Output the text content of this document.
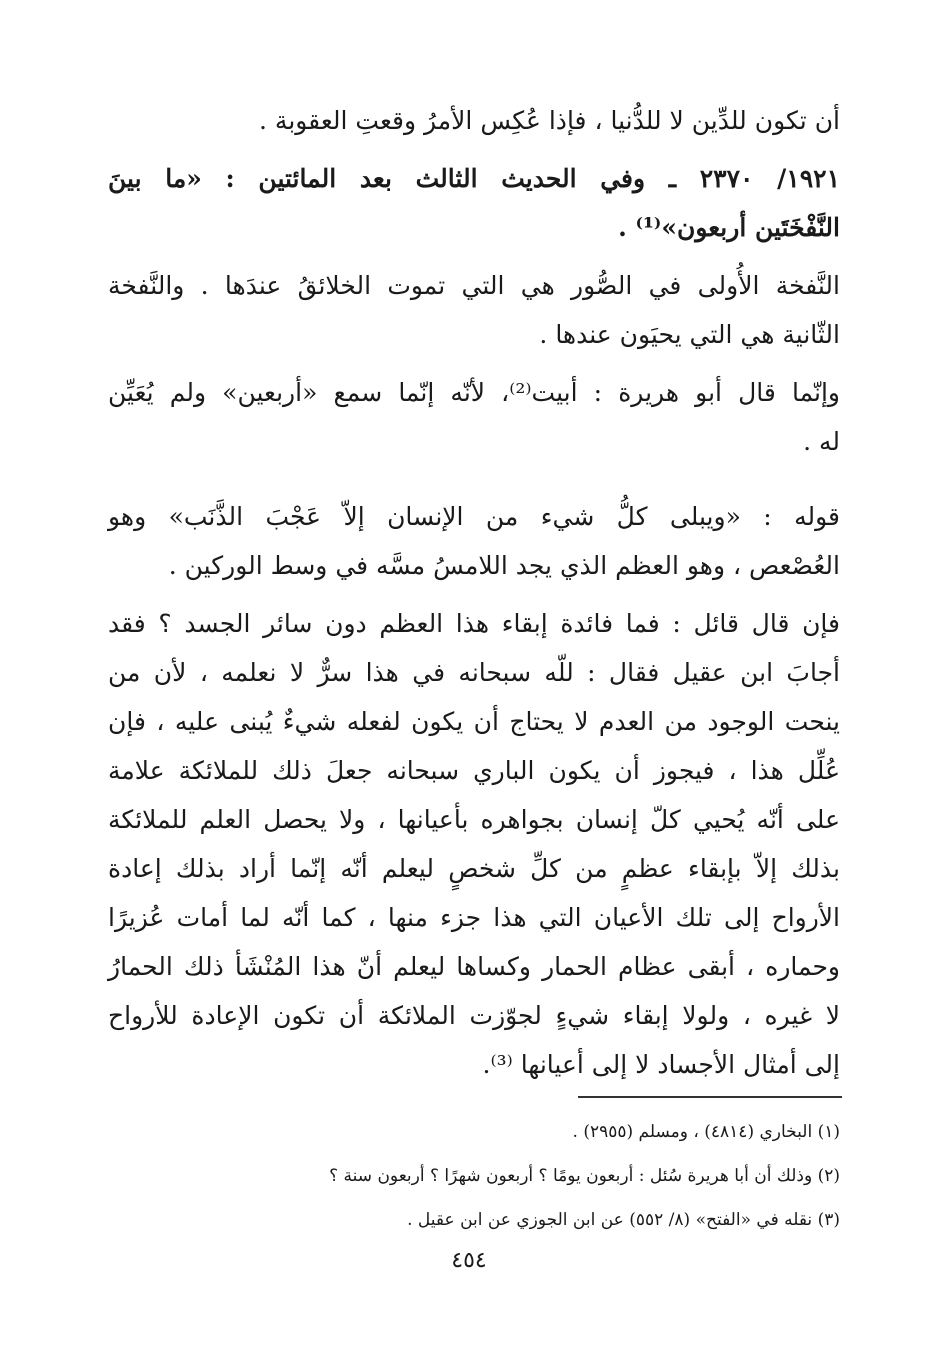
أن تكون للدِّين لا للدُّنيا ، فإذا عُكِس الأمرُ وقعتِ العقوبة .
١٩٢١/ ٢٣٧٠ ـ وفي الحديث الثالث بعد المائتين : «ما بينَ
النَّفْخَتَين أربعون»⁽¹⁾ .
النَّفخة الأُولى في الصُّور هي التي تموت الخلائقُ عندَها . والنَّفخة
الثّانية هي التي يحيَون عندها .
وإنّما قال أبو هريرة : أبيت⁽²⁾، لأنّه إنّما سمع «أربعين» ولم يُعَيِّن
له .
قوله : «ويبلى كلُّ شيء من الإنسان إلاّ عَجْبَ الذَّنَب» وهو
العُصْعص ، وهو العظم الذي يجد اللامسُ مسَّه في وسط الوركين .
فإن قال قائل : فما فائدة إبقاء هذا العظم دون سائر الجسد ؟ فقد
أجابَ ابن عقيل فقال : للّه سبحانه في هذا سرٌّ لا نعلمه ، لأن من
ينحت الوجود من العدم لا يحتاج أن يكون لفعله شيءٌ يُبنى عليه ، فإن
عُلِّل هذا ، فيجوز أن يكون الباري سبحانه جعلَ ذلك للملائكة علامة
على أنّه يُحيي كلّ إنسان بجواهره بأعيانها ، ولا يحصل العلم للملائكة
بذلك إلاّ بإبقاء عظمٍ من كلِّ شخصٍ ليعلم أنّه إنّما أراد بذلك إعادة
الأرواح إلى تلك الأعيان التي هذا جزء منها ، كما أنّه لما أمات عُزيرًا
وحماره ، أبقى عظام الحمار وكساها ليعلم أنّ هذا المُنْشَأ ذلك الحمارُ
لا غيره ، ولولا إبقاء شيءٍ لجوّزت الملائكة أن تكون الإعادة للأرواح
إلى أمثال الأجساد لا إلى أعيانها ⁽³⁾.
(١) البخاري (٤٨١٤) ، ومسلم (٢٩٥٥) .
(٢) وذلك أن أبا هريرة سُئل : أربعون يومًا ؟ أربعون شهرًا ؟ أربعون سنة ؟
(٣) نقله في «الفتح» (٨/ ٥٥٢) عن ابن الجوزي عن ابن عقيل .
٤٥٤
